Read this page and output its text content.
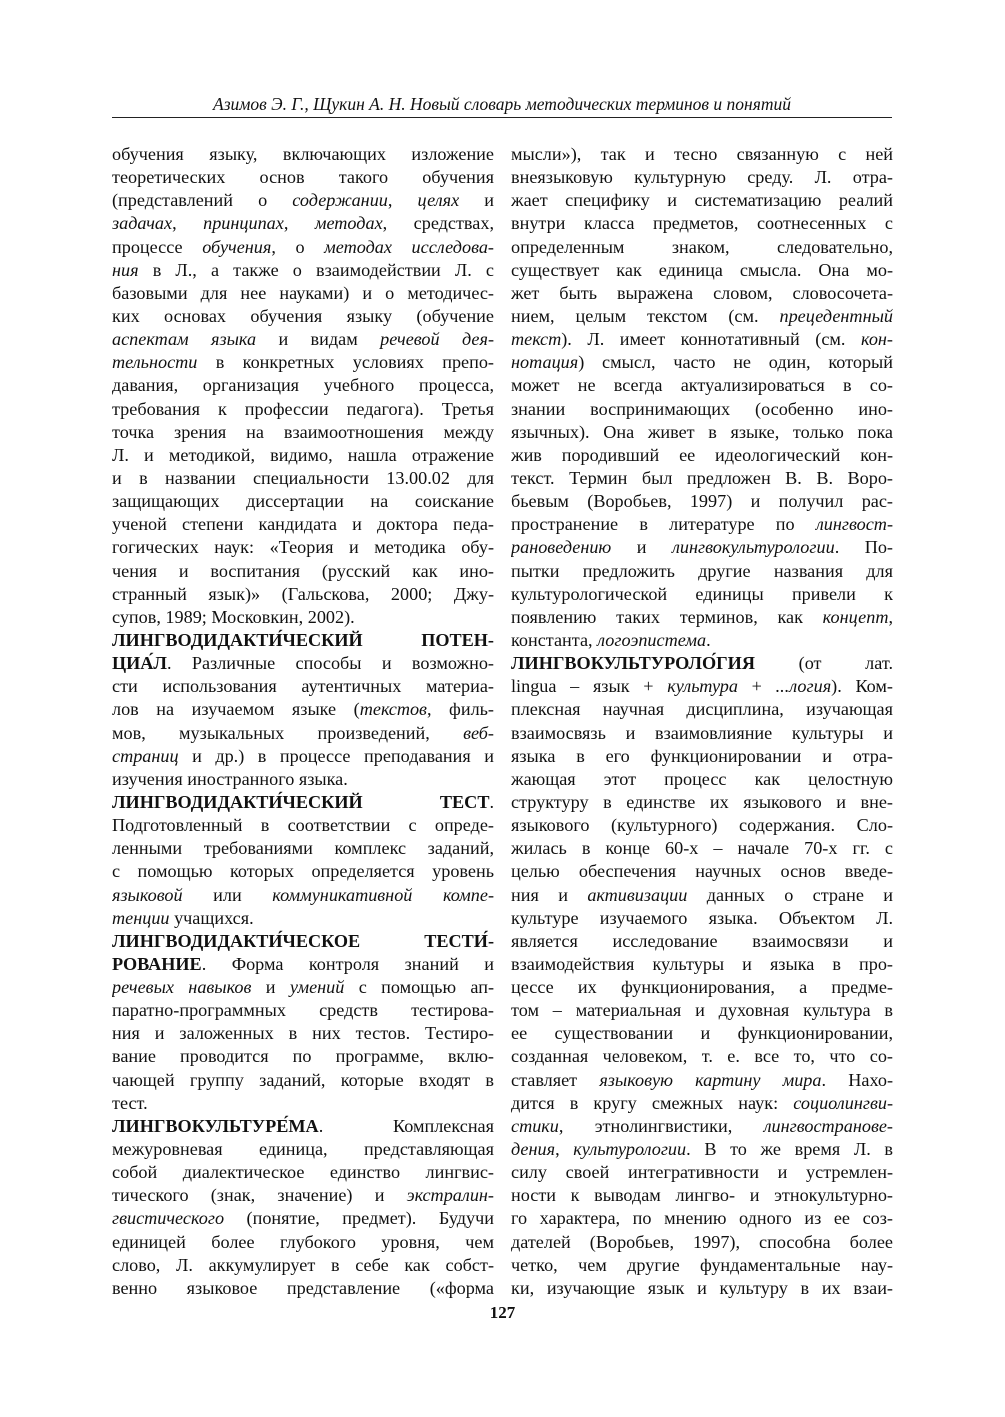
Азимов Э. Г., Щукин А. Н. Новый словарь методических терминов и понятий
обучения языку, включающих изложение
теоретических основ такого обучения
(представлений о содержании, целях и
задачах, принципах, методах, средствах,
процессе обучения, о методах исследова-
ния в Л., а также о взаимодействии Л. с
базовыми для нее науками) и о методичес-
ких основах обучения языку (обучение
аспектам языка и видам речевой дея-
тельности в конкретных условиях препо-
давания, организация учебного процесса,
требования к профессии педагога). Третья
точка зрения на взаимоотношения между
Л. и методикой, видимо, нашла отражение
и в названии специальности 13.00.02 для
защищающих диссертации на соискание
ученой степени кандидата и доктора педа-
гогических наук: «Теория и методика обу-
чения и воспитания (русский как ино-
странный язык)» (Гальскова, 2000; Джу-
супов, 1989; Московкин, 2002).
ЛИНГВОДИДАКТИ́ЧЕСКИЙ ПОТЕН-
ЦИА́Л. Различные способы и возможно-
сти использования аутентичных материа-
лов на изучаемом языке (текстов, филь-
мов, музыкальных произведений, веб-
страниц и др.) в процессе преподавания и
изучения иностранного языка.
ЛИНГВОДИДАКТИ́ЧЕСКИЙ ТЕСТ.
Подготовленный в соответствии с опреде-
ленными требованиями комплекс заданий,
с помощью которых определяется уровень
языковой или коммуникативной компе-
тенции учащихся.
ЛИНГВОДИДАКТИ́ЧЕСКОЕ ТЕСТИ́-
РОВАНИЕ. Форма контроля знаний и
речевых навыков и умений с помощью ап-
паратно-программных средств тестирова-
ния и заложенных в них тестов. Тестиро-
вание проводится по программе, вклю-
чающей группу заданий, которые входят в
тест.
ЛИНГВОКУЛЬТУРЕ́МА. Комплексная
межуровневая единица, представляющая
собой диалектическое единство лингвис-
тического (знак, значение) и экстралин-
гвистического (понятие, предмет). Будучи
единицей более глубокого уровня, чем
слово, Л. аккумулирует в себе как собст-
венно языковое представление («форма
мысли»), так и тесно связанную с ней
внеязыковую культурную среду. Л. отра-
жает специфику и систематизацию реалий
внутри класса предметов, соотнесенных с
определенным знаком, следовательно,
существует как единица смысла. Она мо-
жет быть выражена словом, словосочета-
нием, целым текстом (см. прецедентный
текст). Л. имеет коннотативный (см. кон-
нотация) смысл, часто не один, который
может не всегда актуализироваться в со-
знании воспринимающих (особенно ино-
язычных). Она живет в языке, только пока
жив породивший ее идеологический кон-
текст. Термин был предложен В. В. Воро-
бьевым (Воробьев, 1997) и получил рас-
пространение в литературе по лингвост-
рановедению и лингвокультурологии. По-
пытки предложить другие названия для
культурологической единицы привели к
появлению таких терминов, как концепт,
константа, логоэпистема.
ЛИНГВОКУЛЬТУРОЛО́ГИЯ (от лат.
lingua – язык + культура + ...логия). Ком-
плексная научная дисциплина, изучающая
взаимосвязь и взаимовлияние культуры и
языка в его функционировании и отра-
жающая этот процесс как целостную
структуру в единстве их языкового и вне-
языкового (культурного) содержания. Сло-
жилась в конце 60-х – начале 70-х гг. с
целью обеспечения научных основ введе-
ния и активизации данных о стране и
культуре изучаемого языка. Объектом Л.
является исследование взаимосвязи и
взаимодействия культуры и языка в про-
цессе их функционирования, а предме-
том – материальная и духовная культура в
ее существовании и функционировании,
созданная человеком, т. е. все то, что со-
ставляет языковую картину мира. Нахо-
дится в кругу смежных наук: социолингви-
стики, этнолингвистики, лингвостранове-
дения, культурологии. В то же время Л. в
силу своей интегративности и устремлен-
ности к выводам лингво- и этнокультурно-
го характера, по мнению одного из ее соз-
дателей (Воробьев, 1997), способна более
четко, чем другие фундаментальные нау-
ки, изучающие язык и культуру в их взаи-
127
